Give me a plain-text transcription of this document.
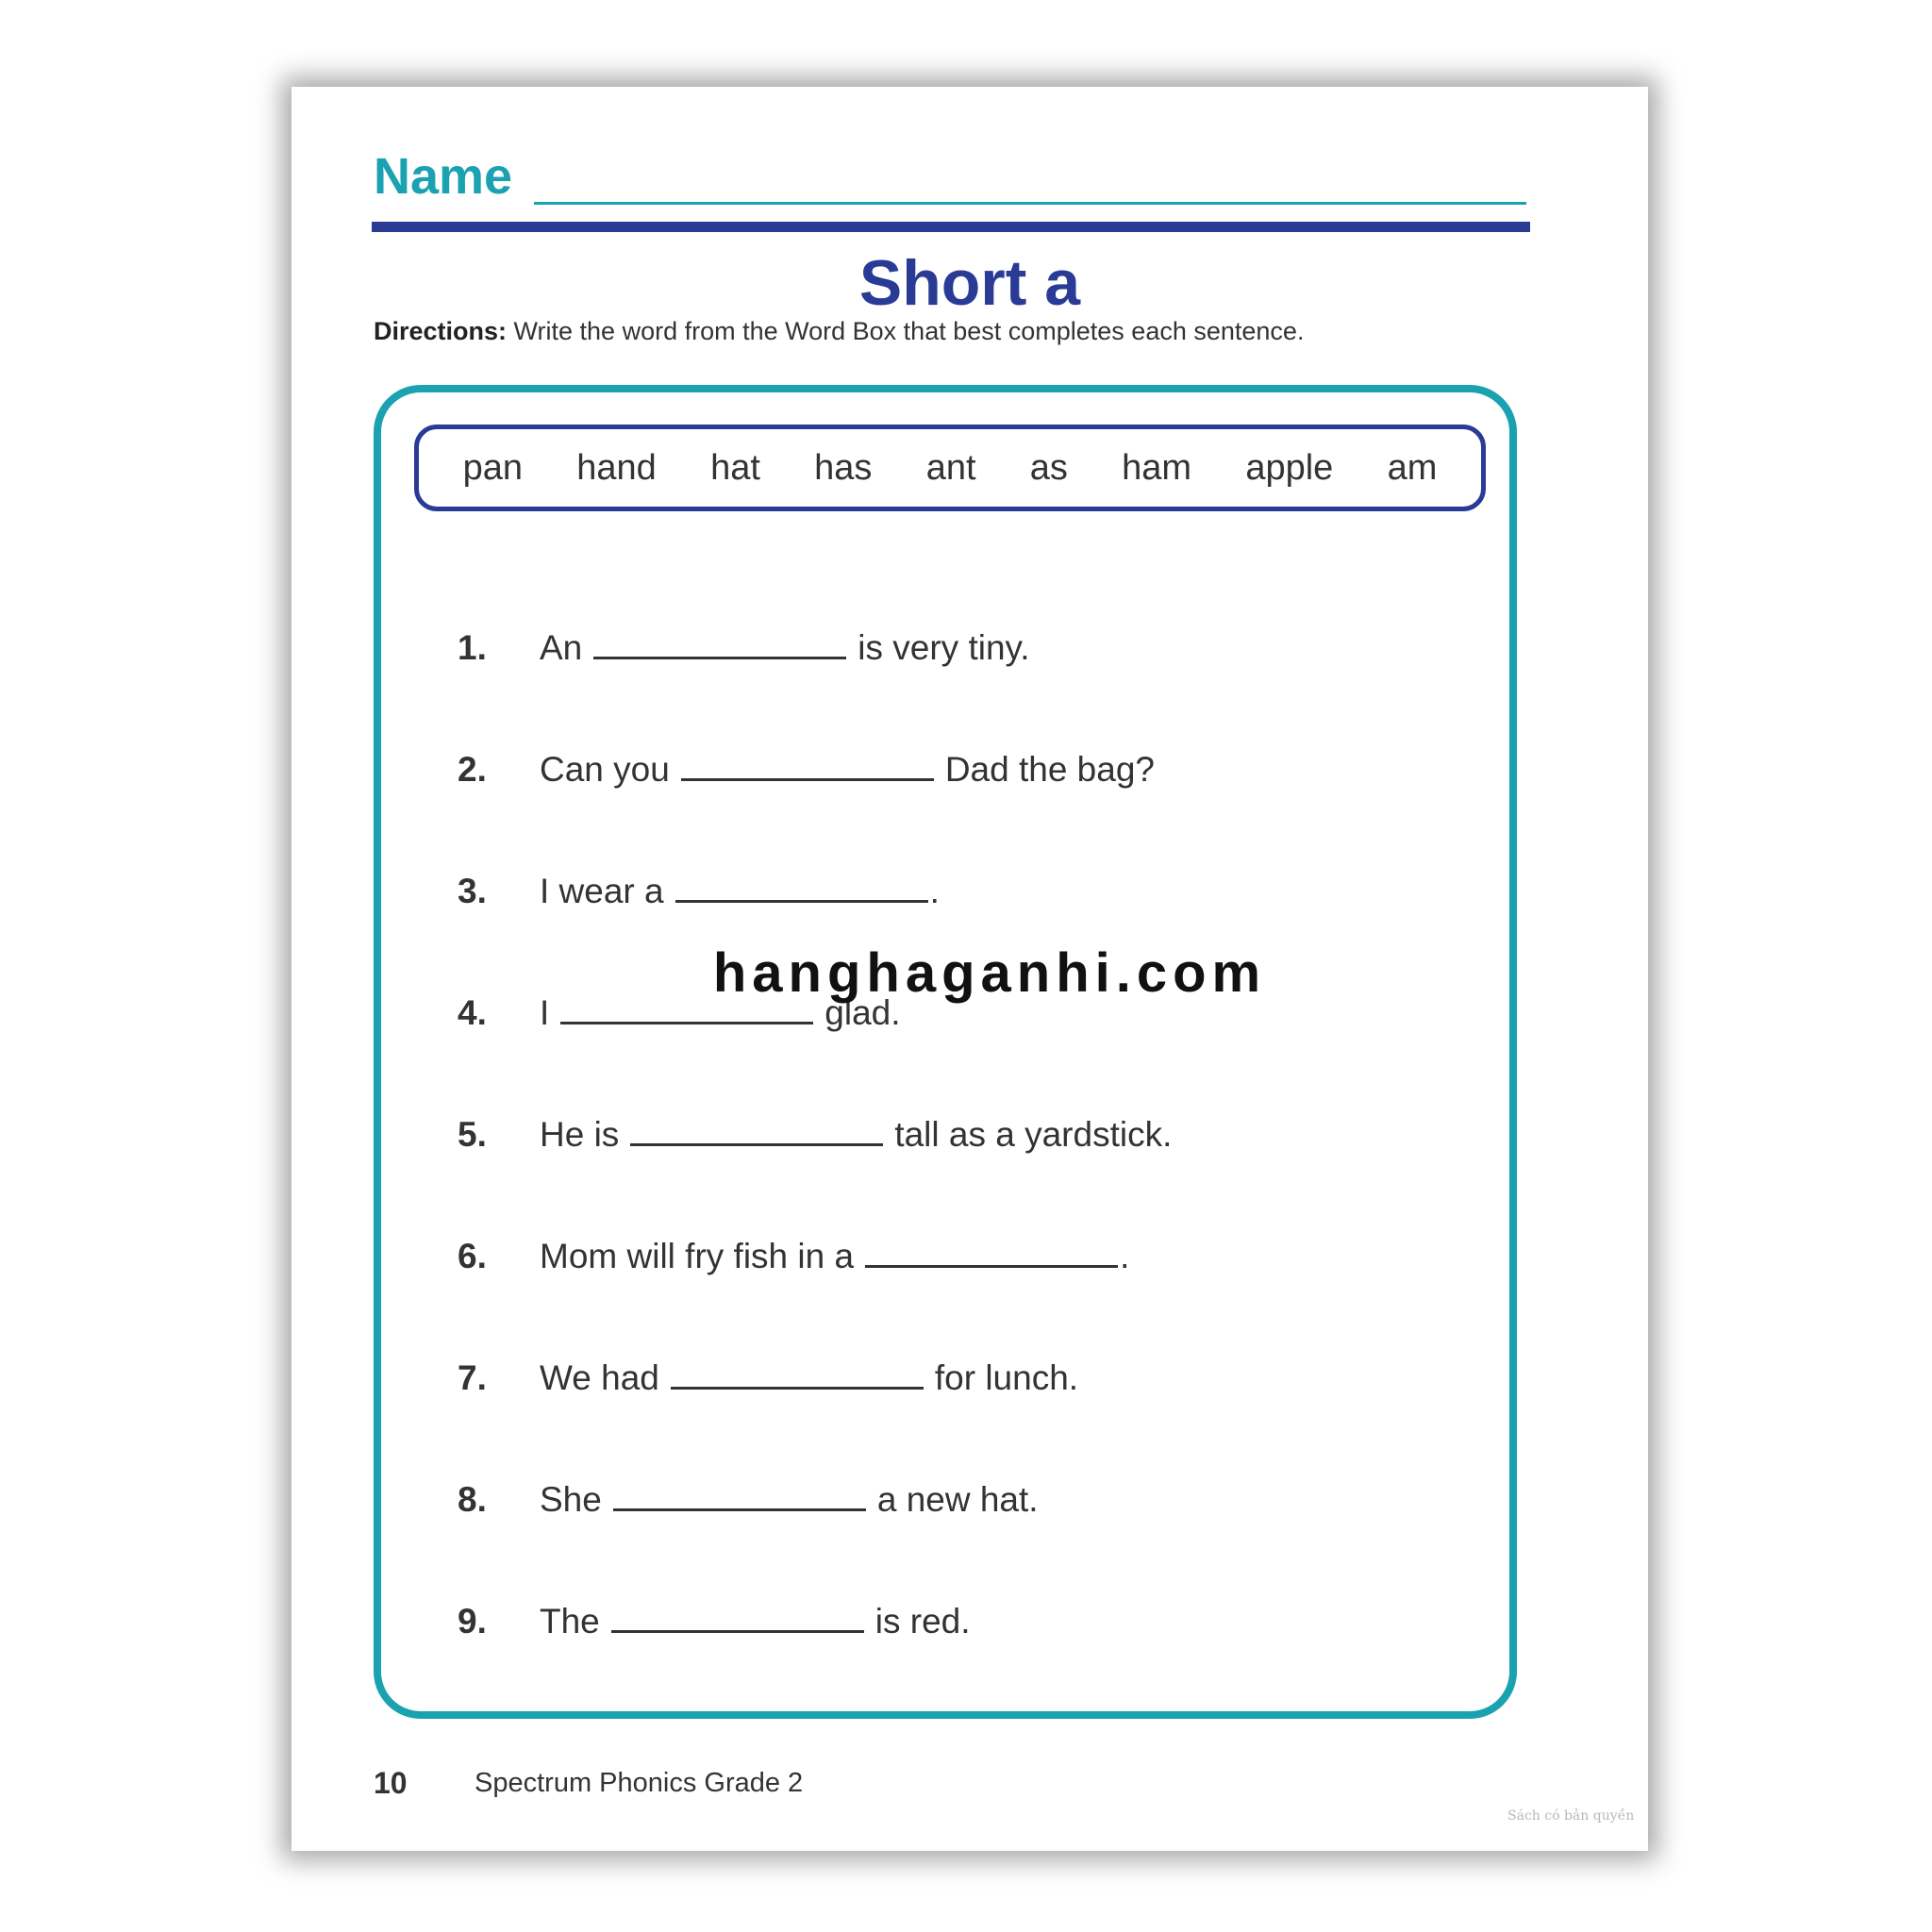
Name
Short a
Directions: Write the word from the Word Box that best completes each sentence.
pan hand hat has ant as ham apple am
1.	An	is very tiny.
2.	Can you	Dad the bag?
3.	I wear a	.
4.	I	glad.
5.	He is	tall as a yardstick.
6.	Mom will fry fish in a	.
7.	We had	for lunch.
8.	She	a new hat.
9.	The	is red.
10 Spectrum Phonics Grade 2
Sách có bản quyền
hanghaganhi.com
